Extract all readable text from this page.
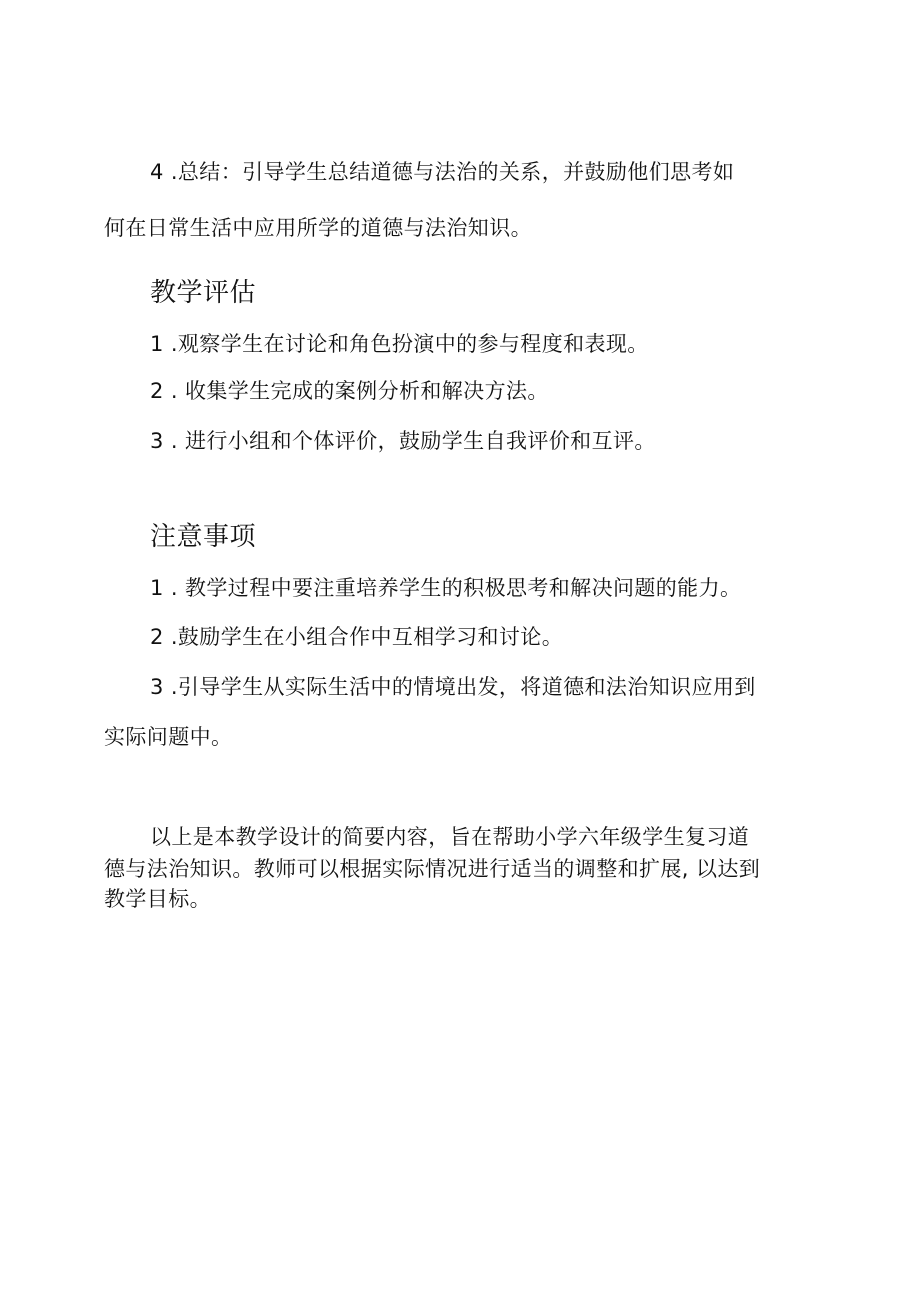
4 .总结：引导学生总结道德与法治的关系，并鼓励他们思考如
何在日常生活中应用所学的道德与法治知识。
教学评估
1 .观察学生在讨论和角色扮演中的参与程度和表现。
2 . 收集学生完成的案例分析和解决方法。
3 . 进行小组和个体评价，鼓励学生自我评价和互评。
注意事项
1 . 教学过程中要注重培养学生的积极思考和解决问题的能力。
2 .鼓励学生在小组合作中互相学习和讨论。
3 .引导学生从实际生活中的情境出发，将道德和法治知识应用到
实际问题中。
以上是本教学设计的简要内容，旨在帮助小学六年级学生复习道
德与法治知识。教师可以根据实际情况进行适当的调整和扩展, 以达到
教学目标。
